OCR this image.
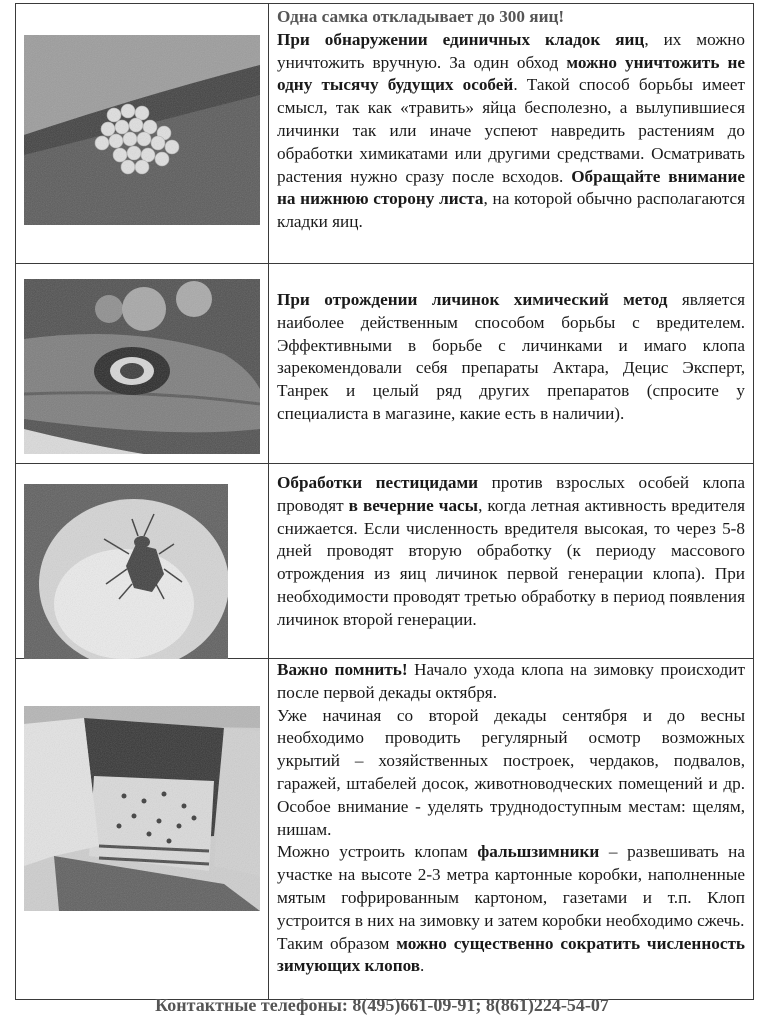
Одна самка откладывает до 300 яиц!

При обнаружении единичных кладок яиц, их можно уничтожить вручную. За один обход можно уничтожить не одну тысячу будущих особей. Такой способ борьбы имеет смысл, так как «травить» яйца бесполезно, а вылупившиеся личинки так или иначе успеют навредить растениям до обработки химикатами или другими средствами. Осматривать растения нужно сразу после всходов. Обращайте внимание на нижнюю сторону листа, на которой обычно располагаются кладки яиц.

При отрождении личинок химический метод является наиболее действенным способом борьбы с вредителем. Эффективными в борьбе с личинками и имаго клопа зарекомендовали себя препараты Актара, Децис Эксперт, Танрек и целый ряд других препаратов (спросите у специалиста в магазине, какие есть в наличии).

Обработки пестицидами против взрослых особей клопа проводят в вечерние часы, когда летная активность вредителя снижается. Если численность вредителя высокая, то через 5-8 дней проводят вторую обработку (к периоду массового отрождения из яиц личинок первой генерации клопа). При необходимости проводят третью обработку в период появления личинок второй генерации.

Важно помнить! Начало ухода клопа на зимовку происходит после первой декады октября.

Уже начиная со второй декады сентября и до весны необходимо проводить регулярный осмотр возможных укрытий – хозяйственных построек, чердаков, подвалов, гаражей, штабелей досок, животноводческих помещений и др. Особое внимание - уделять труднодоступным местам: щелям, нишам.

Можно устроить клопам фальшзимники – развешивать на участке на высоте 2-3 метра картонные коробки, наполненные мятым гофрированным картоном, газетами и т.п. Клоп устроится в них на зимовку и затем коробки необходимо сжечь.

Таким образом можно существенно сократить численность зимующих клопов.

Контактные телефоны: 8(495)661-09-91; 8(861)224-54-07
